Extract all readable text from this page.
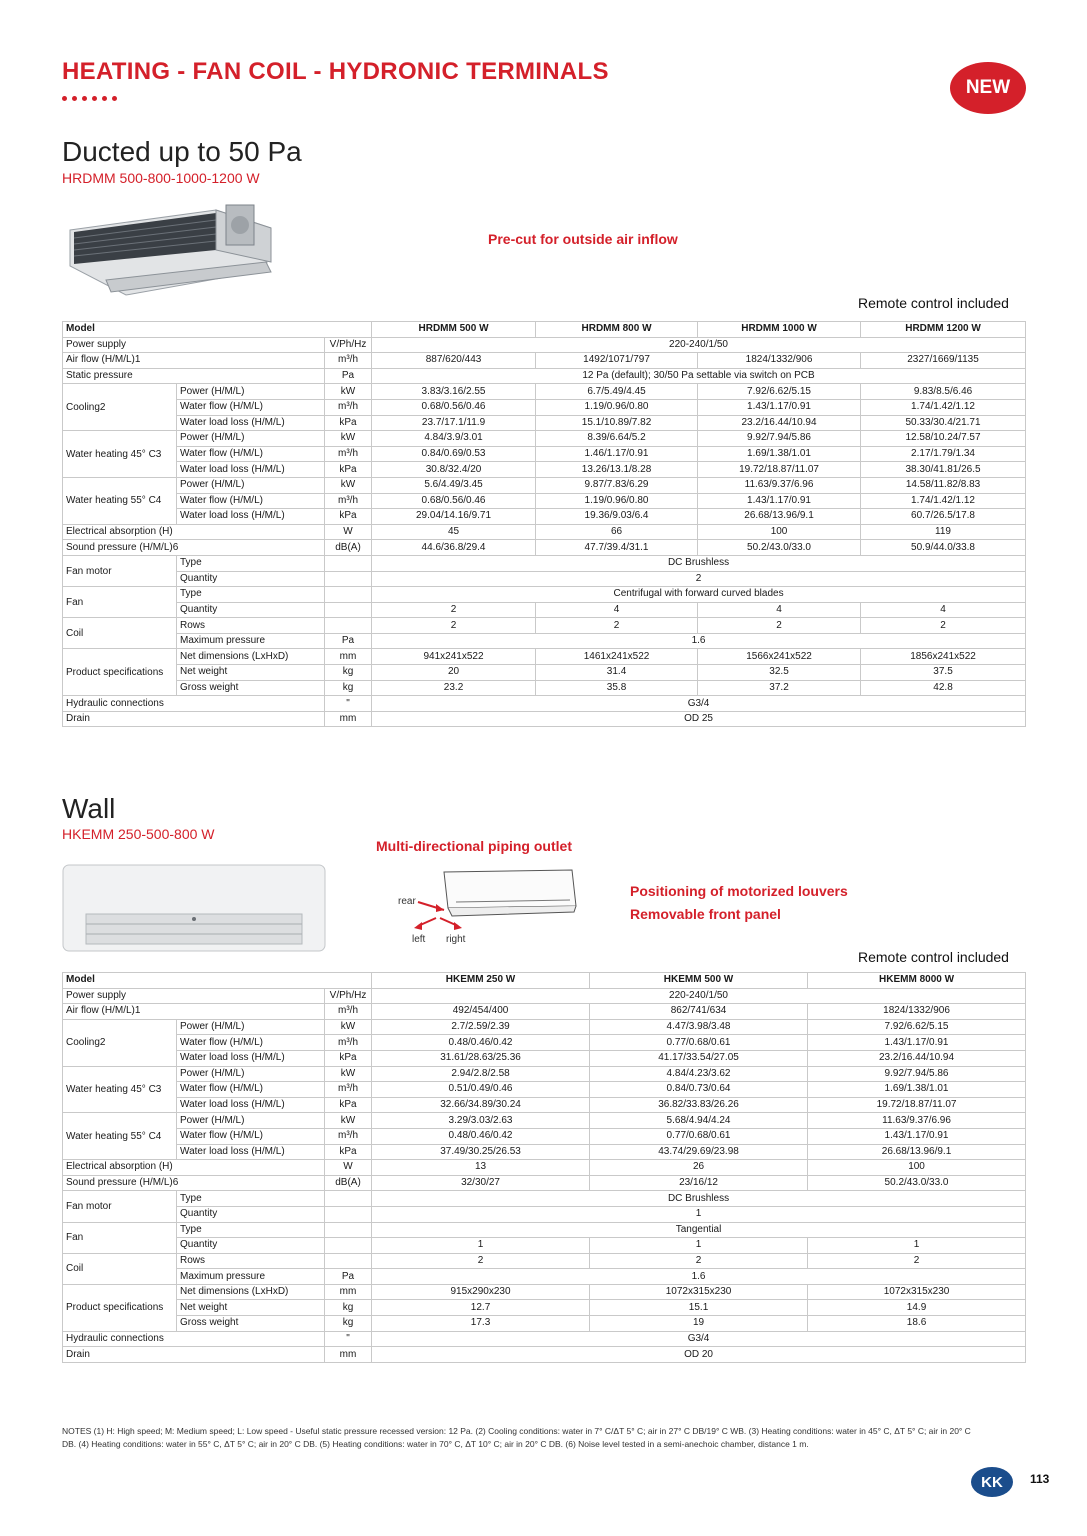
HEATING - FAN COIL - HYDRONIC TERMINALS
NEW
Ducted up to 50 Pa
HRDMM 500-800-1000-1200 W
Pre-cut for outside air inflow
Remote control included
Model			HRDMM 500 W	HRDMM 800 W	HRDMM 1000 W	HRDMM 1200 W
Power supply		V/Ph/Hz	220-240/1/50			
Air flow (H/M/L)1		m³/h	887/620/443	1492/1071/797	1824/1332/906	2327/1669/1135
Static pressure		Pa	12 Pa (default); 30/50 Pa settable via switch on PCB			
Cooling2	Power (H/M/L)	kW	3.83/3.16/2.55	6.7/5.49/4.45	7.92/6.62/5.15	9.83/8.5/6.46
	Water flow (H/M/L)	m³/h	0.68/0.56/0.46	1.19/0.96/0.80	1.43/1.17/0.91	1.74/1.42/1.12
	Water load loss (H/M/L)	kPa	23.7/17.1/11.9	15.1/10.89/7.82	23.2/16.44/10.94	50.33/30.4/21.71
Water heating 45° C3	Power (H/M/L)	kW	4.84/3.9/3.01	8.39/6.64/5.2	9.92/7.94/5.86	12.58/10.24/7.57
	Water flow (H/M/L)	m³/h	0.84/0.69/0.53	1.46/1.17/0.91	1.69/1.38/1.01	2.17/1.79/1.34
	Water load loss (H/M/L)	kPa	30.8/32.4/20	13.26/13.1/8.28	19.72/18.87/11.07	38.30/41.81/26.5
Water heating 55° C4	Power (H/M/L)	kW	5.6/4.49/3.45	9.87/7.83/6.29	11.63/9.37/6.96	14.58/11.82/8.83
	Water flow (H/M/L)	m³/h	0.68/0.56/0.46	1.19/0.96/0.80	1.43/1.17/0.91	1.74/1.42/1.12
	Water load loss (H/M/L)	kPa	29.04/14.16/9.71	19.36/9.03/6.4	26.68/13.96/9.1	60.7/26.5/17.8
Electrical absorption (H)		W	45	66	100	119
Sound pressure (H/M/L)6		dB(A)	44.6/36.8/29.4	47.7/39.4/31.1	50.2/43.0/33.0	50.9/44.0/33.8
Fan motor	Type		DC Brushless			
	Quantity		2			
Fan	Type		Centrifugal with forward curved blades			
	Quantity		2	4	4	4
Coil	Rows		2	2	2	2
	Maximum pressure	Pa	1.6			
Product specifications	Net dimensions (LxHxD)	mm	941x241x522	1461x241x522	1566x241x522	1856x241x522
	Net weight	kg	20	31.4	32.5	37.5
	Gross weight	kg	23.2	35.8	37.2	42.8
Hydraulic connections		"	G3/4			
Drain		mm	OD 25			
Wall
HKEMM 250-500-800 W
Multi-directional piping outlet
rear
left right
Positioning of motorized louvers
Removable front panel
Remote control included
Model			HKEMM 250 W	HKEMM 500 W	HKEMM 8000 W
Power supply		V/Ph/Hz	220-240/1/50		
Air flow (H/M/L)1		m³/h	492/454/400	862/741/634	1824/1332/906
Cooling2	Power (H/M/L)	kW	2.7/2.59/2.39	4.47/3.98/3.48	7.92/6.62/5.15
	Water flow (H/M/L)	m³/h	0.48/0.46/0.42	0.77/0.68/0.61	1.43/1.17/0.91
	Water load loss (H/M/L)	kPa	31.61/28.63/25.36	41.17/33.54/27.05	23.2/16.44/10.94
Water heating 45° C3	Power (H/M/L)	kW	2.94/2.8/2.58	4.84/4.23/3.62	9.92/7.94/5.86
	Water flow (H/M/L)	m³/h	0.51/0.49/0.46	0.84/0.73/0.64	1.69/1.38/1.01
	Water load loss (H/M/L)	kPa	32.66/34.89/30.24	36.82/33.83/26.26	19.72/18.87/11.07
Water heating 55° C4	Power (H/M/L)	kW	3.29/3.03/2.63	5.68/4.94/4.24	11.63/9.37/6.96
	Water flow (H/M/L)	m³/h	0.48/0.46/0.42	0.77/0.68/0.61	1.43/1.17/0.91
	Water load loss (H/M/L)	kPa	37.49/30.25/26.53	43.74/29.69/23.98	26.68/13.96/9.1
Electrical absorption (H)		W	13	26	100
Sound pressure (H/M/L)6		dB(A)	32/30/27	23/16/12	50.2/43.0/33.0
Fan motor	Type		DC Brushless		
	Quantity		1		
Fan	Type		Tangential		
	Quantity		1	1	1
Coil	Rows		2	2	2
	Maximum pressure	Pa	1.6		
Product specifications	Net dimensions (LxHxD)	mm	915x290x230	1072x315x230	1072x315x230
	Net weight	kg	12.7	15.1	14.9
	Gross weight	kg	17.3	19	18.6
Hydraulic connections		"	G3/4		
Drain		mm	OD 20		
NOTES (1) H: High speed; M: Medium speed; L: Low speed - Useful static pressure recessed version: 12 Pa. (2) Cooling conditions: water in 7° C/ΔT 5° C; air in 27° C DB/19° C WB. (3) Heating conditions: water in 45° C, ΔT 5° C; air in 20° C DB. (4) Heating conditions: water in 55° C, ΔT 5° C; air in 20° C DB. (5) Heating conditions: water in 70° C, ΔT 10° C; air in 20° C DB. (6) Noise level tested in a semi-anechoic chamber, distance 1 m.
KK	113
